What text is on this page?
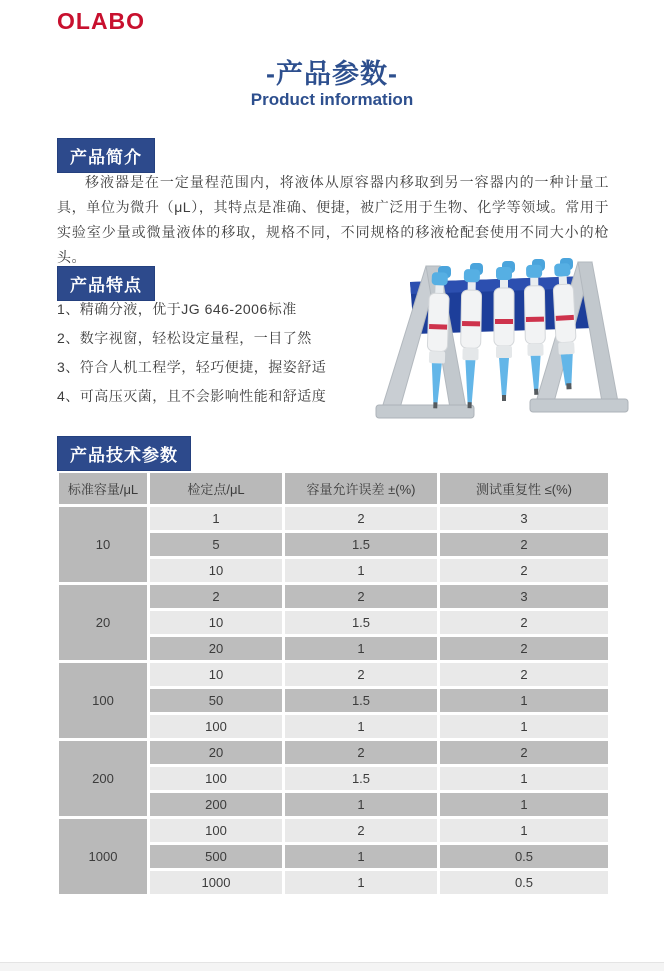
OLABO
-产品参数-
Product information
产品简介

移液器是在一定量程范围内，将液体从原容器内移取到另一容器内的一种计量工具，单位为微升（μL），其特点是准确、便捷，被广泛用于生物、化学等领域。常用于实验室少量或微量液体的移取，规格不同，不同规格的移液枪配套使用不同大小的枪头。

产品特点
1、精确分液，优于JG 646-2006标准
2、数字视窗，轻松设定量程，一目了然
3、符合人机工程学，轻巧便捷，握姿舒适
4、可高压灭菌，且不会影响性能和舒适度
产品技术参数
标准容量/μL	检定点/μL	容量允许误差 ±(%)	测试重复性 ≤(%)
10	1	2	3
	5	1.5	2
	10	1	2
20	2	2	3
	10	1.5	2
	20	1	2
100	10	2	2
	50	1.5	1
	100	1	1
200	20	2	2
	100	1.5	1
	200	1	1
1000	100	2	1
	500	1	0.5
	1000	1	0.5
